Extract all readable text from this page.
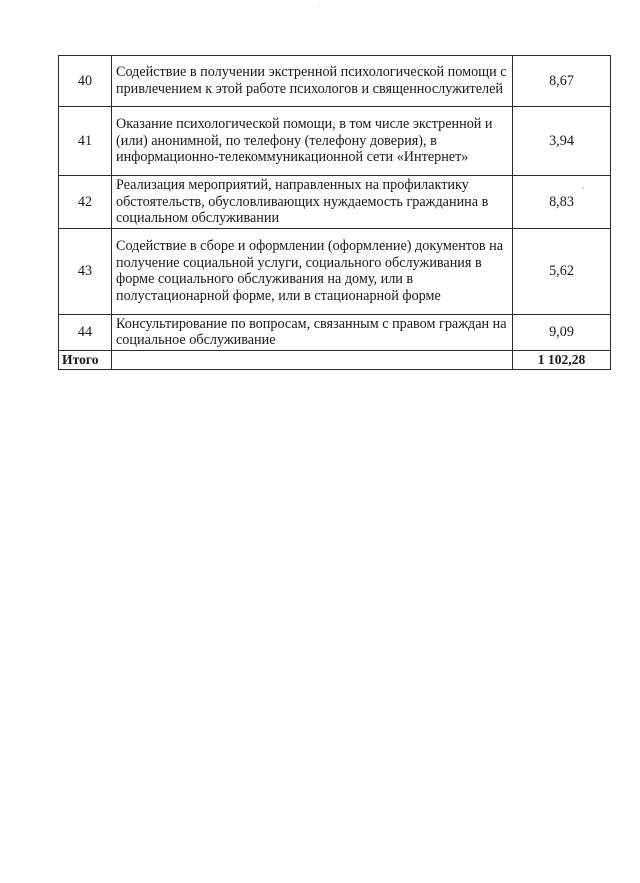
40	Содействие в получении экстренной психологической помощи с привлечением к этой работе психологов и священнослужителей	8,67
41	Оказание психологической помощи, в том числе экстренной и (или) анонимной, по телефону (телефону доверия), в информационно-телекоммуникационной сети «Интернет»	3,94
42	Реализация мероприятий, направленных на профилактику обстоятельств, обусловливающих нуждаемость гражданина в социальном обслуживании	8,83
43	Содействие в сборе и оформлении (оформление) документов на получение социальной услуги, социального обслуживания в форме социального обслуживания на дому, или в полустационарной форме, или в стационарной форме	5,62
44	Консультирование по вопросам, связанным с правом граждан на социальное обслуживание	9,09
Итого		1 102,28
